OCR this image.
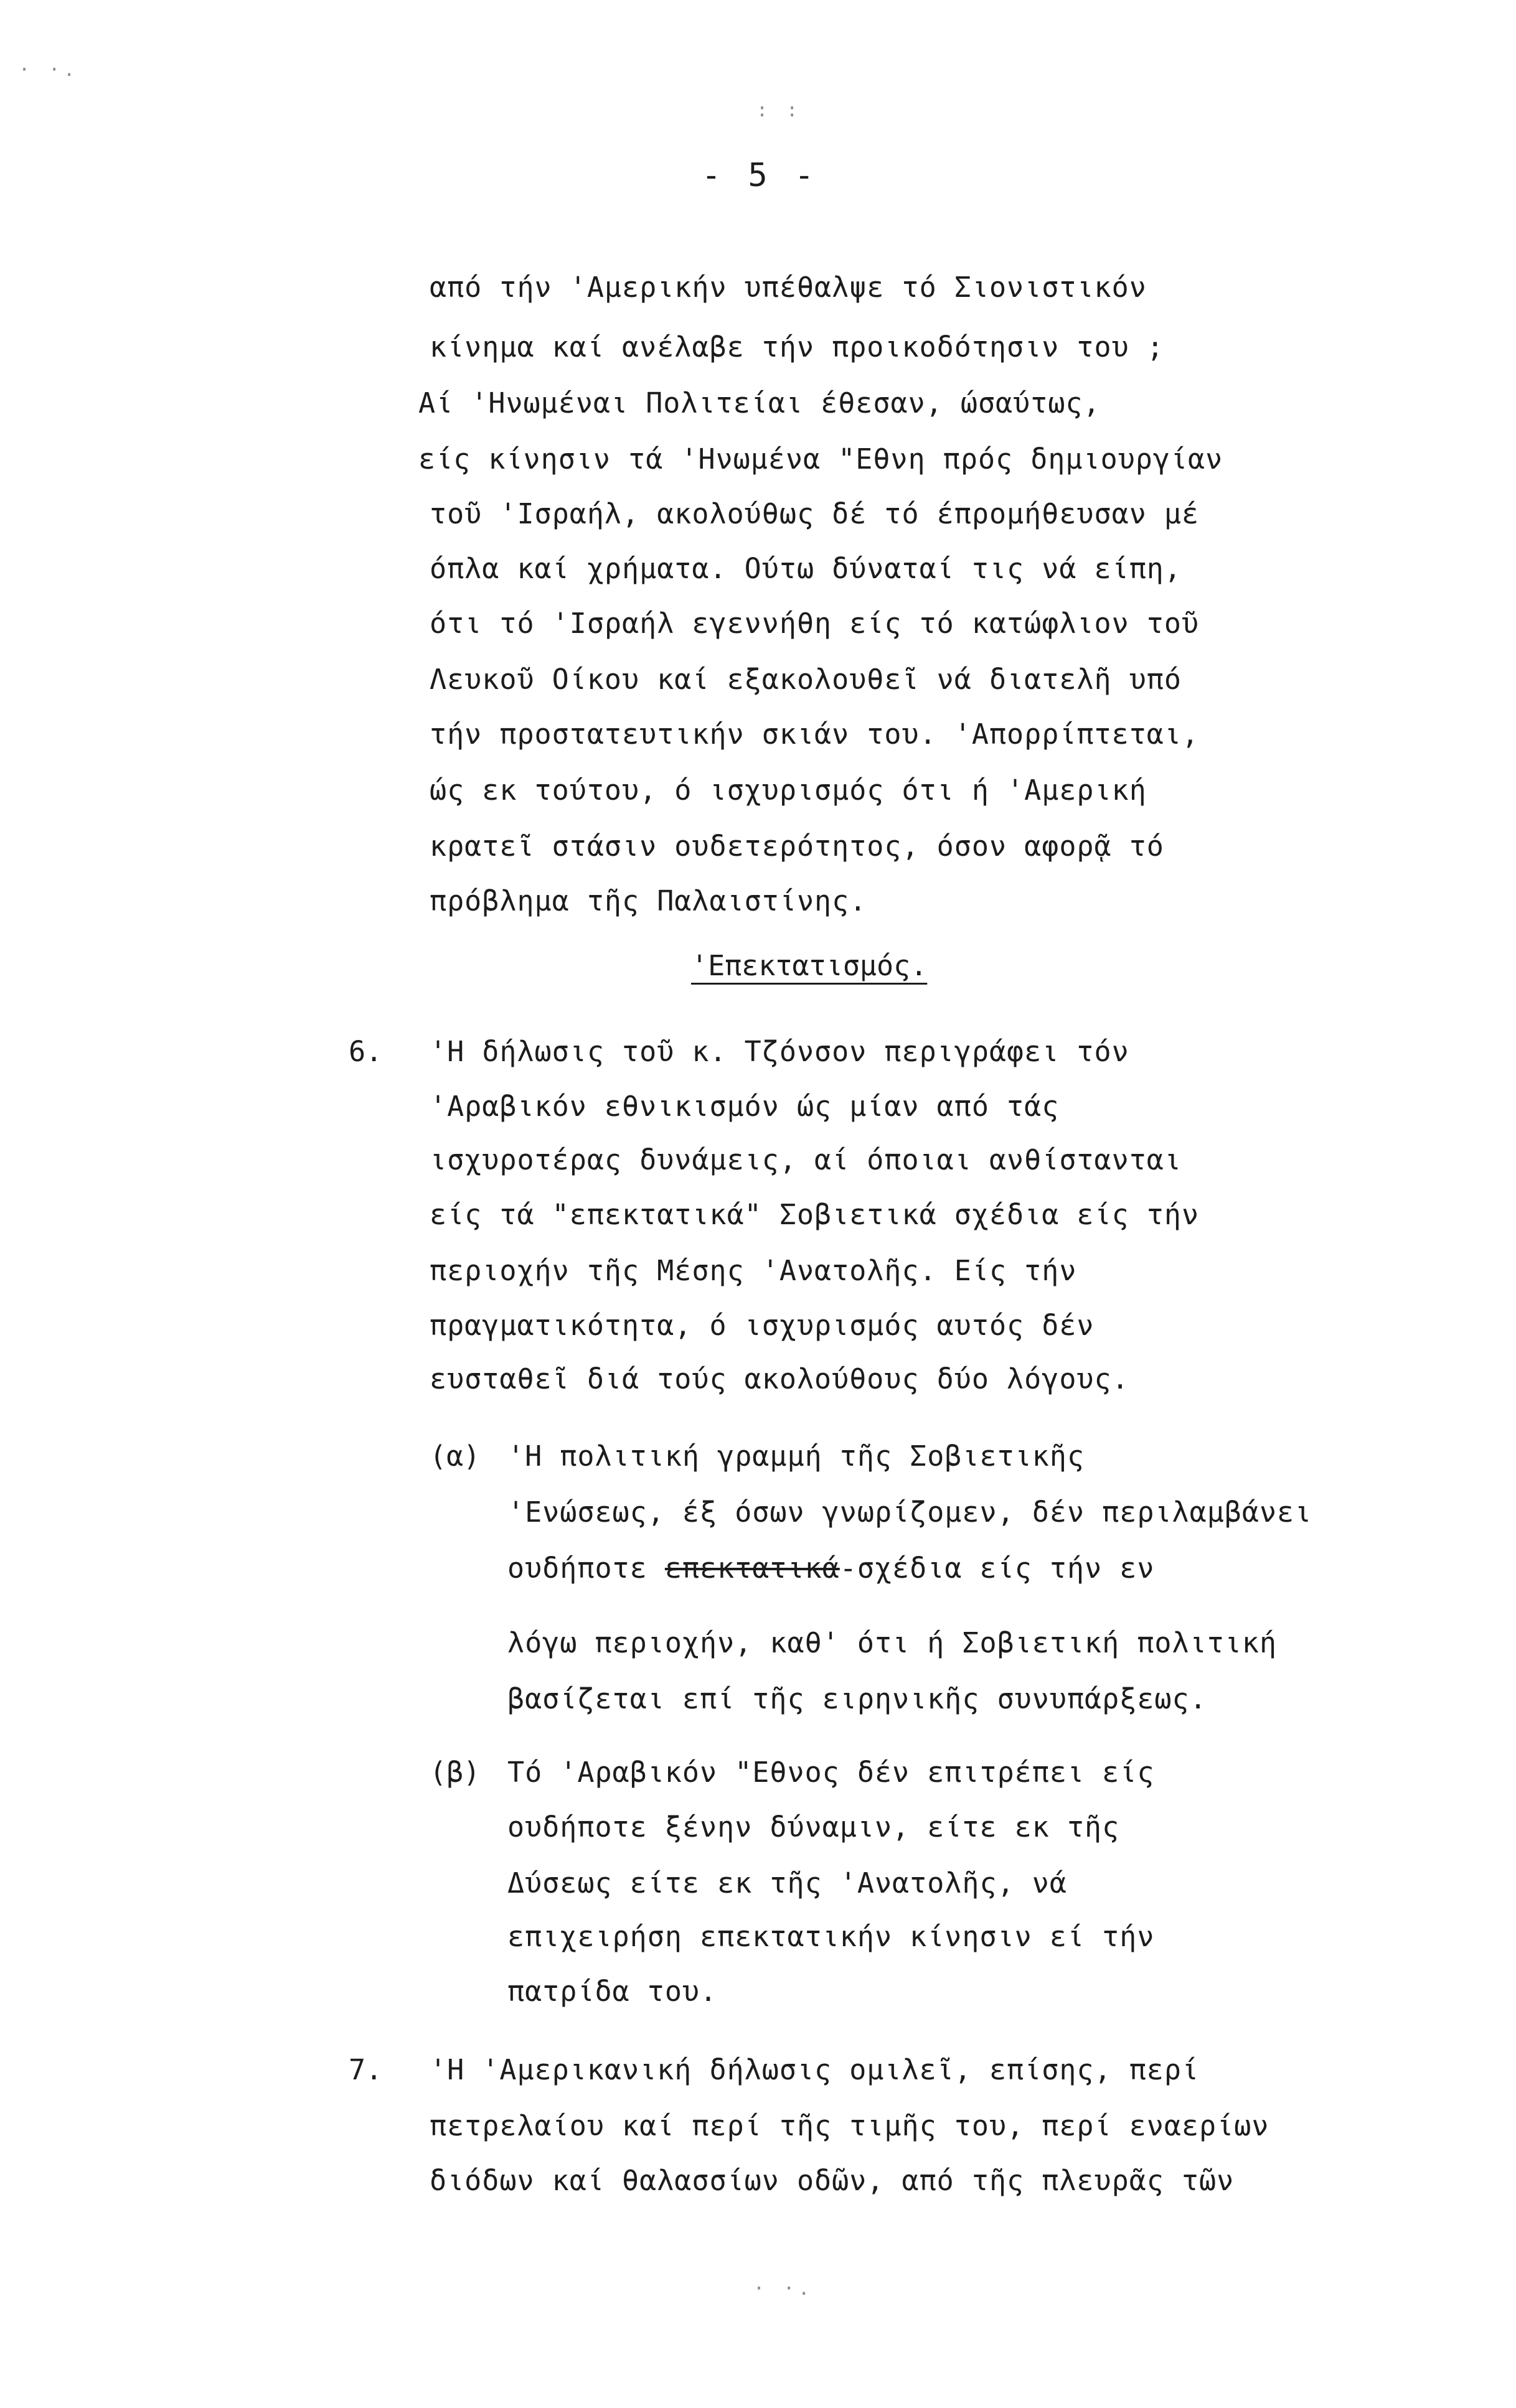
· ·.
: :
· ·.
- 5 -
από τήν 'Αμερικήν υπέθαλψε τό Σιονιστικόν
κίνημα καί ανέλαβε τήν προικοδότησιν του ;
Αί 'Ηνωμέναι Πολιτείαι έθεσαν, ώσαύτως,
είς κίνησιν τά 'Ηνωμένα "Εθνη πρός δημιουργίαν
τοῦ 'Ισραήλ, ακολούθως δέ τό έπρομήθευσαν μέ
όπλα καί χρήματα. Ούτω δύναταί τις νά είπη,
ότι τό 'Ισραήλ εγεννήθη είς τό κατώφλιον τοῦ
Λευκοῦ Οίκου καί εξακολουθεῖ νά διατελῆ υπό
τήν προστατευτικήν σκιάν του. 'Απορρίπτεται,
ώς εκ τούτου, ό ισχυρισμός ότι ή 'Αμερική
κρατεῖ στάσιν ουδετερότητος, όσον αφορᾷ τό
πρόβλημα τῆς Παλαιστίνης.
'Επεκτατισμός.
6. 'Η δήλωσις τοῦ κ. Τζόνσον περιγράφει τόν
'Αραβικόν εθνικισμόν ώς μίαν από τάς
ισχυροτέρας δυνάμεις, αί όποιαι ανθίστανται
είς τά "επεκτατικά" Σοβιετικά σχέδια είς τήν
περιοχήν τῆς Μέσης 'Ανατολῆς. Είς τήν
πραγματικότητα, ό ισχυρισμός αυτός δέν
ευσταθεῖ διά τούς ακολούθους δύο λόγους.
(α) 'Η πολιτική γραμμή τῆς Σοβιετικῆς
'Ενώσεως, έξ όσων γνωρίζομεν, δέν περιλαμβάνει
ουδήποτε επεκτατικά-σχέδια είς τήν εν
λόγω περιοχήν, καθ' ότι ή Σοβιετική πολιτική
βασίζεται επί τῆς ειρηνικῆς συνυπάρξεως.
(β) Τό 'Αραβικόν "Εθνος δέν επιτρέπει είς
ουδήποτε ξένην δύναμιν, είτε εκ τῆς
Δύσεως είτε εκ τῆς 'Ανατολῆς, νά
επιχειρήση επεκτατικήν κίνησιν εί τήν
πατρίδα του.
7. 'Η 'Αμερικανική δήλωσις ομιλεῖ, επίσης, περί
πετρελαίου καί περί τῆς τιμῆς του, περί εναερίων
διόδων καί θαλασσίων οδῶν, από τῆς πλευρᾶς τῶν
